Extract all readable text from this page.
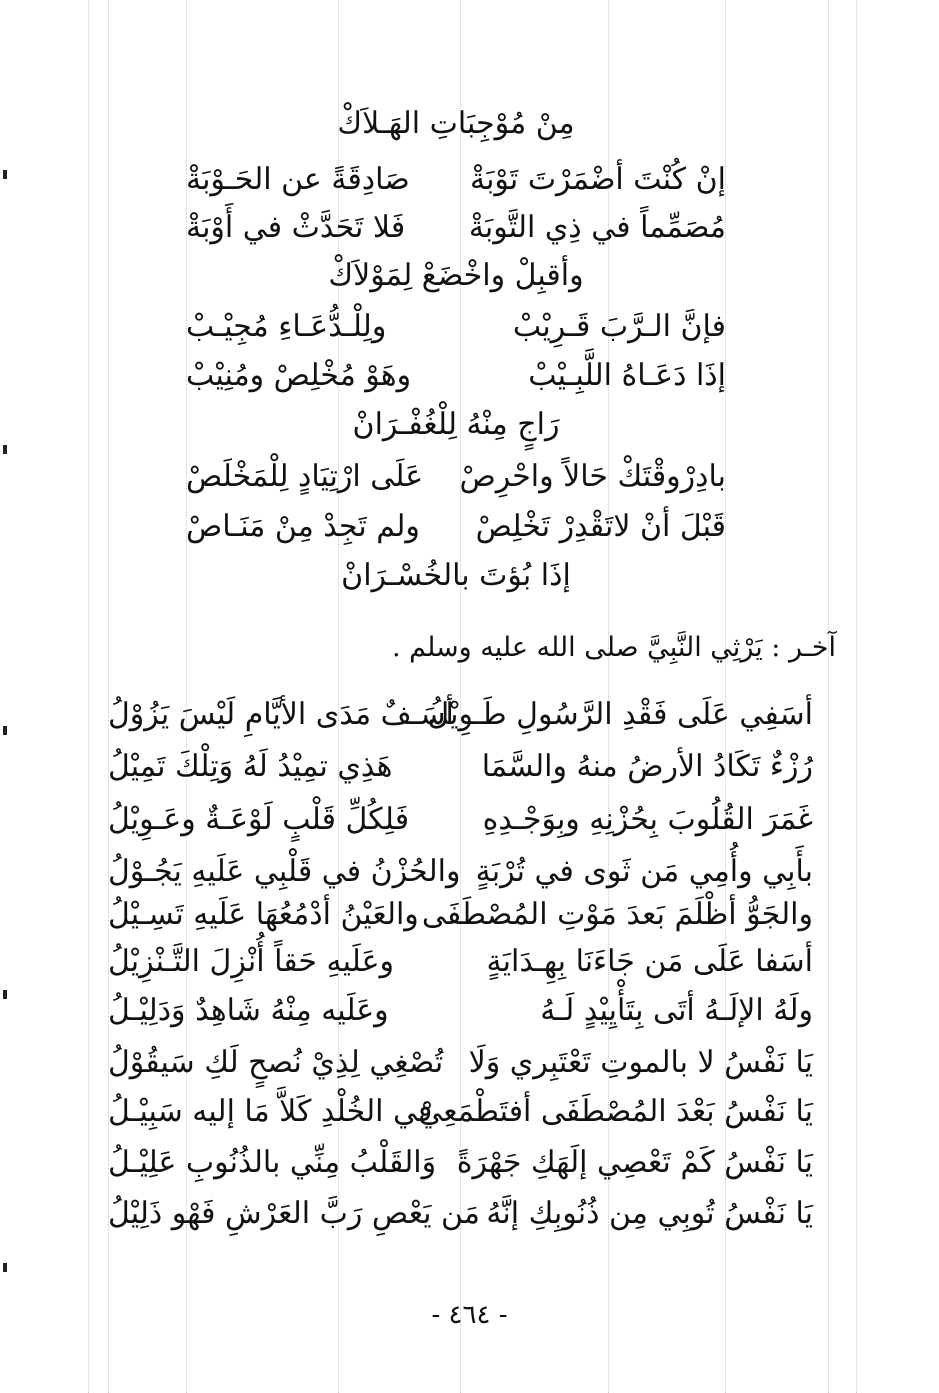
مِنْ مُوْجِبَاتِ الهَـلاَكْ
إنْ كُنْتَ أضْمَرْتَ تَوْبَةْ
صَادِقَةً عن الحَـوْبَةْ
مُصَمِّماً في ذِي التَّوبَةْ
فَلا تَحَدَّثْ في أَوْبَةْ
وأقبِلْ واخْضَعْ لِمَوْلاَكْ
فإنَّ الـرَّبَ قَـرِيْبْ
ولِلْـدُّعَـاءِ مُجِيْـبْ
إذَا دَعَـاهُ اللَّبِـيْبْ
وهَوْ مُخْلِصْ ومُنِيْبْ
رَاجٍ مِنْهُ لِلْغُفْـرَانْ
بادِرْوقْتَكْ حَالاً واحْرِصْ
عَلَى ارْتِيَادٍ لِلْمَخْلَصْ
قَبْلَ أنْ لاتَقْدِرْ تَخْلِصْ
ولم تَجِدْ مِنْ مَنَـاصْ
إذَا بُؤتَ بالخُسْـرَانْ
آخـر : يَرْثِي النَّبِيَّ صلى الله عليه وسلم .
أسَفِي عَلَى فَقْدِ الرَّسُولِ طَـوِيْلُ
أسَـفٌ مَدَى الأيَّامِ لَيْسَ يَزُوْلُ
رُزْءٌ تَكَادُ الأرضُ منهُ والسَّمَا
هَذِي تمِيْدُ لَهُ وَتِلْكَ تَمِيْلُ
غَمَرَ القُلُوبَ بِحُزْنِهِ وبِوَجْـدِهِ
فَلِكُلِّ قَلْبٍ لَوْعَـةٌ وعَـوِيْلُ
بأَبِي وأُمِي مَن ثَوى في تُرْبَةٍ
والحُزْنُ في قَلْبِي عَلَيهِ يَجُـوْلُ
والجَوُّ أظْلَمَ بَعدَ مَوْتِ المُصْطَفَى
والعَيْنُ أدْمُعُهَا عَلَيهِ تَسِـيْلُ
أسَفا عَلَى مَن جَاءَنَا بِهِـدَايَةٍ
وعَلَيهِ حَقاً أُنْزِلَ التَّـنْزِيْلُ
ولَهُ الإلَـهُ أتَى بِتَأْيِيْدٍ لَـهُ
وعَلَيه مِنْهُ شَاهِدٌ وَدَلِيْـلُ
يَا نَفْسُ لا بالموتِ تَعْتَبِري وَلَا
تُصْغِي لِذِيْ نُصحٍ لَكِ سَيقُوْلُ
يَا نَفْسُ بَعْدَ المُصْطَفَى أفتَطْمَعِيْ
في الخُلْدِ كَلاَّ مَا إليه سَبِيْـلُ
يَا نَفْسُ كَمْ تَعْصِي إلَهَكِ جَهْرَةً
وَالقَلْبُ مِنِّي بالذُنُوبِ عَلِيْـلُ
يَا نَفْسُ تُوبِي مِن ذُنُوبِكِ إنَّهُ
مَن يَعْصِ رَبَّ العَرْشِ فَهْو ذَلِيْلُ
- ٤٦٤ -
